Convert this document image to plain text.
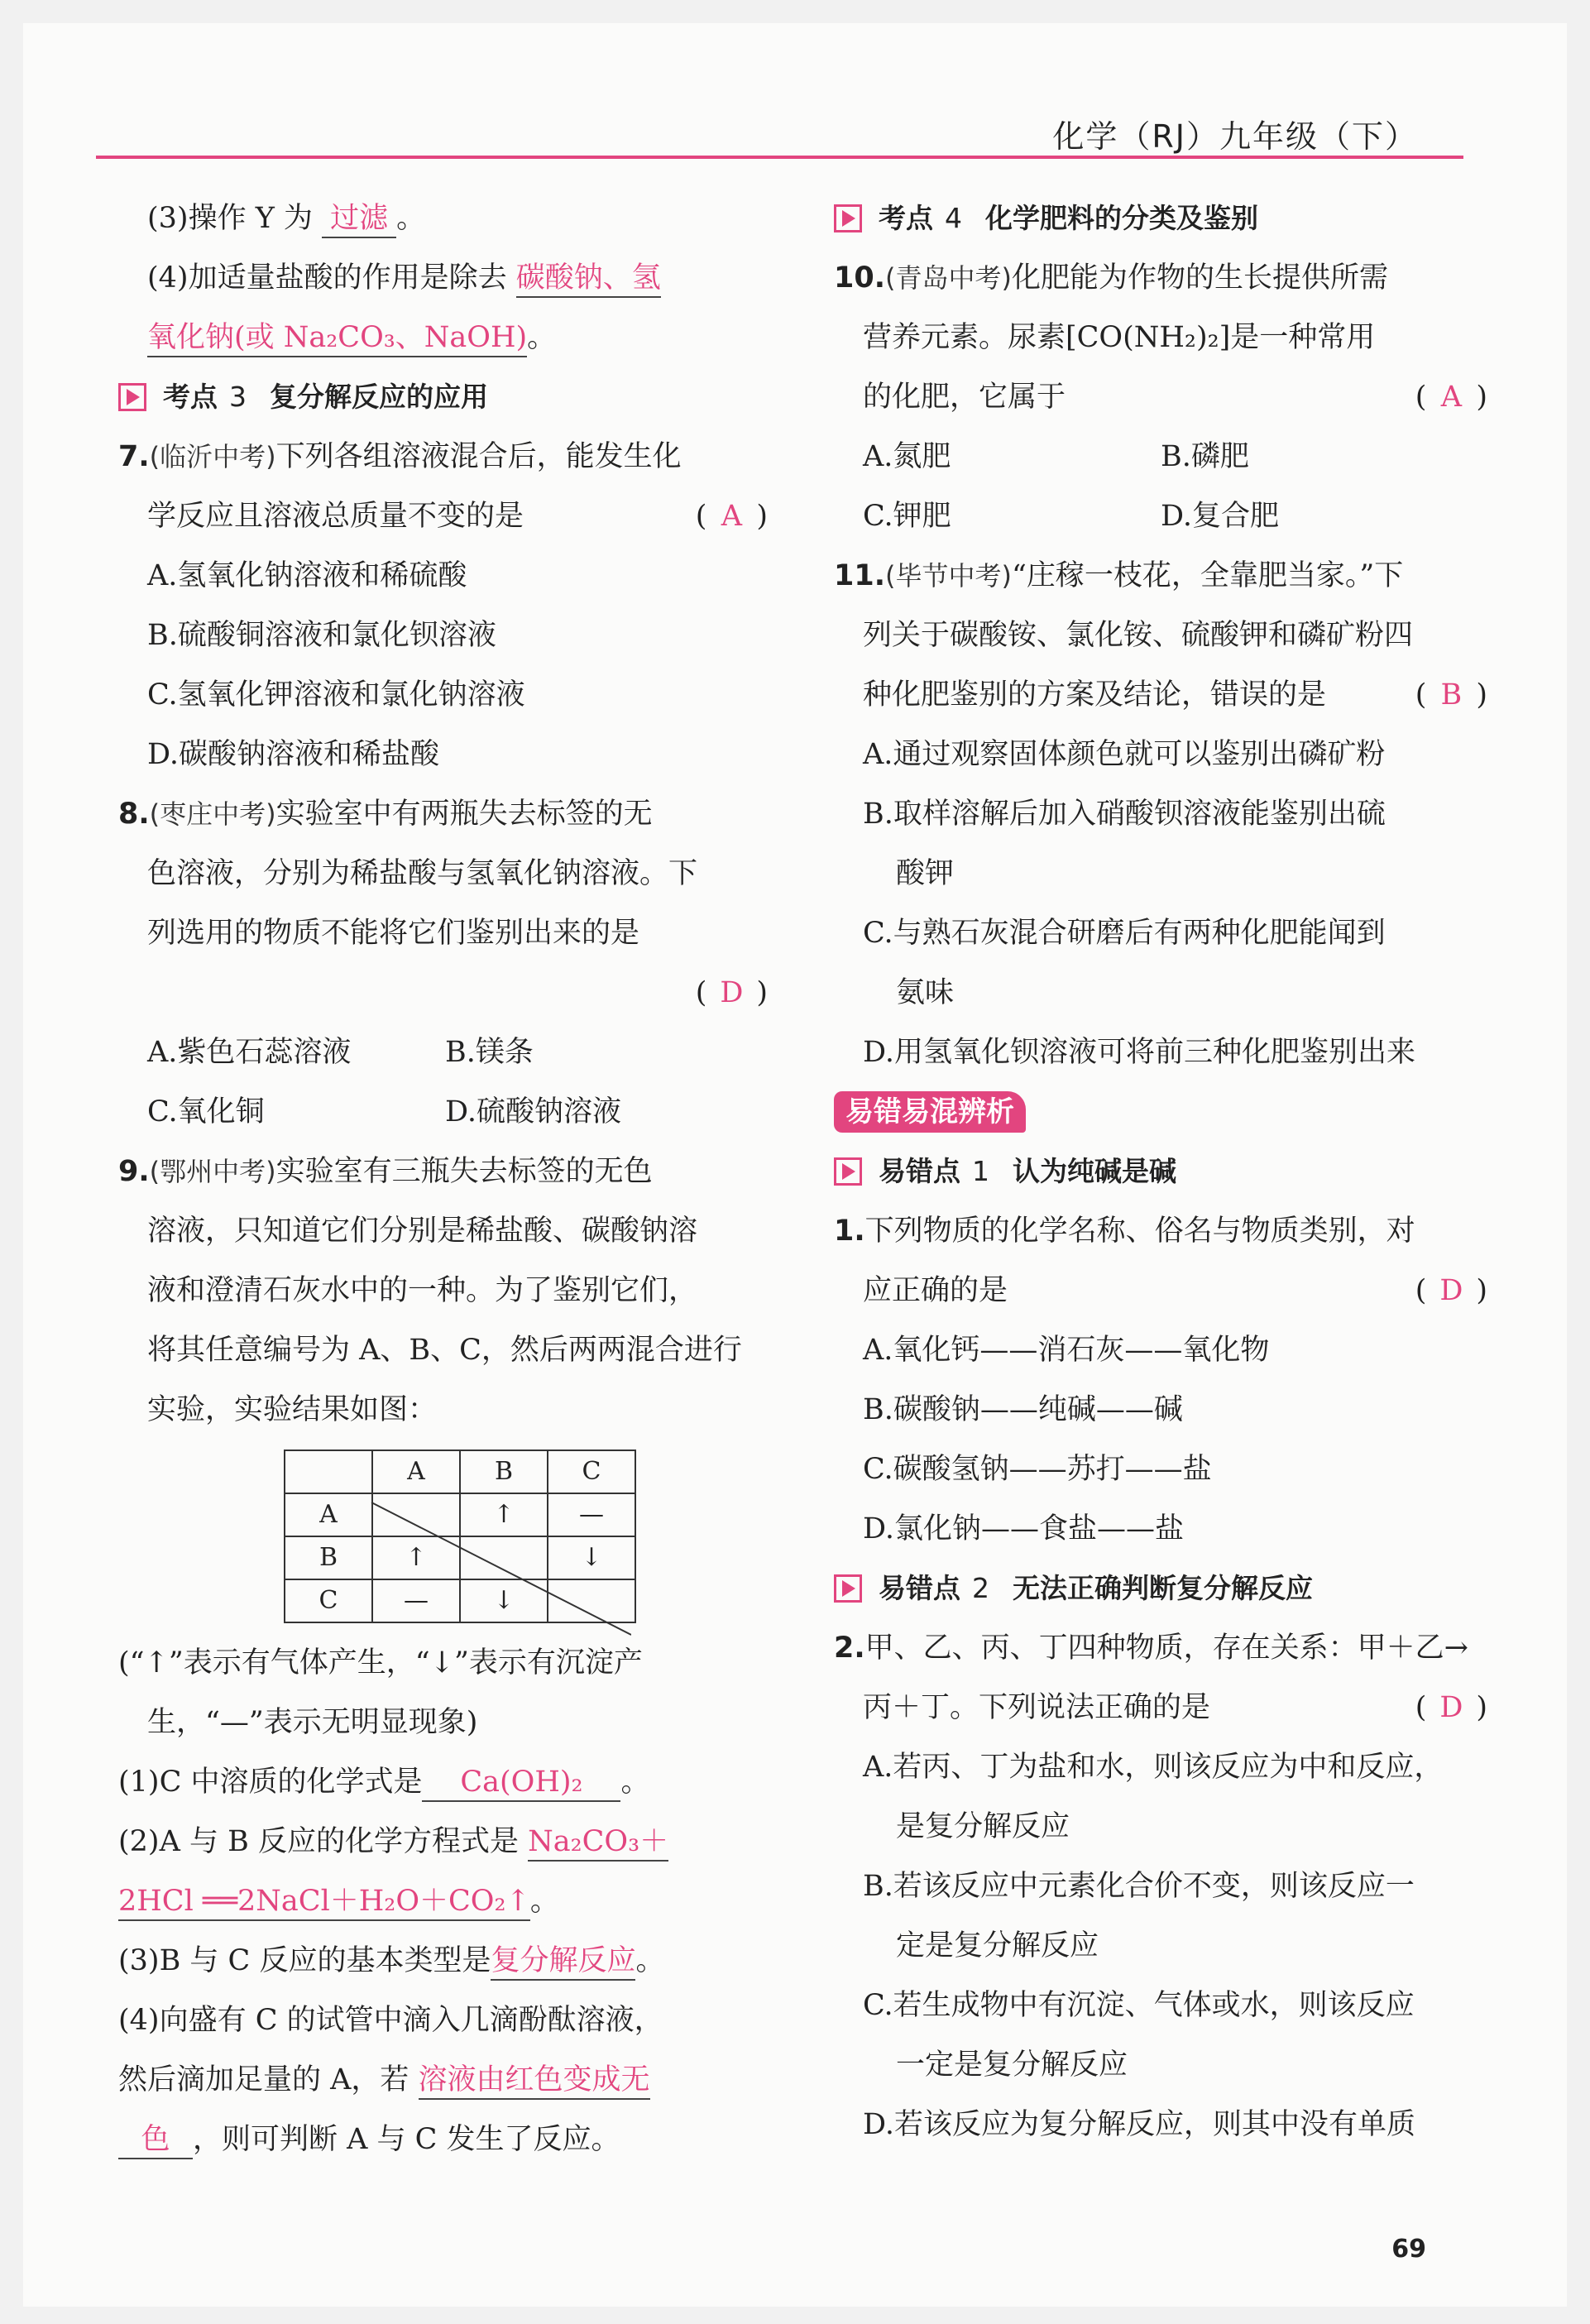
化学（RJ）九年级（下）
(3)操作 Y 为 过滤 。
(4)加适量盐酸的作用是除去 碳酸钠、氢
氧化钠(或 Na₂CO₃、NaOH)。
考点 3 复分解反应的应用
7.(临沂中考)下列各组溶液混合后，能发生化
学反应且溶液总质量不变的是	( A )
A.氢氧化钠溶液和稀硫酸
B.硫酸铜溶液和氯化钡溶液
C.氢氧化钾溶液和氯化钠溶液
D.碳酸钠溶液和稀盐酸
8.(枣庄中考)实验室中有两瓶失去标签的无
色溶液，分别为稀盐酸与氢氧化钠溶液。下
列选用的物质不能将它们鉴别出来的是

( D )
A.紫色石蕊溶液	B.镁条
C.氧化铜	D.硫酸钠溶液
9.(鄂州中考)实验室有三瓶失去标签的无色
溶液，只知道它们分别是稀盐酸、碳酸钠溶
液和澄清石灰水中的一种。为了鉴别它们，
将其任意编号为 A、B、C，然后两两混合进行
实验，实验结果如图：
	A	B	C
A		↑	—
B	↑		↓
C	—	↓	
(“↑”表示有气体产生，“↓”表示有沉淀产
生，“—”表示无明显现象)
(1)C 中溶质的化学式是 Ca(OH)₂ 。
(2)A 与 B 反应的化学方程式是 Na₂CO₃＋
2HCl ══2NaCl＋H₂O＋CO₂↑。
(3)B 与 C 反应的基本类型是复分解反应。
(4)向盛有 C 的试管中滴入几滴酚酞溶液，
然后滴加足量的 A，若 溶液由红色变成无
色 ，则可判断 A 与 C 发生了反应。
考点 4 化学肥料的分类及鉴别
10.(青岛中考)化肥能为作物的生长提供所需
营养元素。尿素[CO(NH₂)₂]是一种常用
的化肥，它属于	( A )
A.氮肥	B.磷肥
C.钾肥	D.复合肥
11.(毕节中考)“庄稼一枝花，全靠肥当家。”下
列关于碳酸铵、氯化铵、硫酸钾和磷矿粉四
种化肥鉴别的方案及结论，错误的是	( B )
A.通过观察固体颜色就可以鉴别出磷矿粉
B.取样溶解后加入硝酸钡溶液能鉴别出硫
酸钾
C.与熟石灰混合研磨后有两种化肥能闻到
氨味
D.用氢氧化钡溶液可将前三种化肥鉴别出来
易错易混辨析
易错点 1 认为纯碱是碱
1.下列物质的化学名称、俗名与物质类别，对
应正确的是	( D )
A.氧化钙——消石灰——氧化物
B.碳酸钠——纯碱——碱
C.碳酸氢钠——苏打——盐
D.氯化钠——食盐——盐
易错点 2 无法正确判断复分解反应
2.甲、乙、丙、丁四种物质，存在关系：甲＋乙→
丙＋丁。下列说法正确的是	( D )
A.若丙、丁为盐和水，则该反应为中和反应，
是复分解反应
B.若该反应中元素化合价不变，则该反应一
定是复分解反应
C.若生成物中有沉淀、气体或水，则该反应
一定是复分解反应
D.若该反应为复分解反应，则其中没有单质
69
